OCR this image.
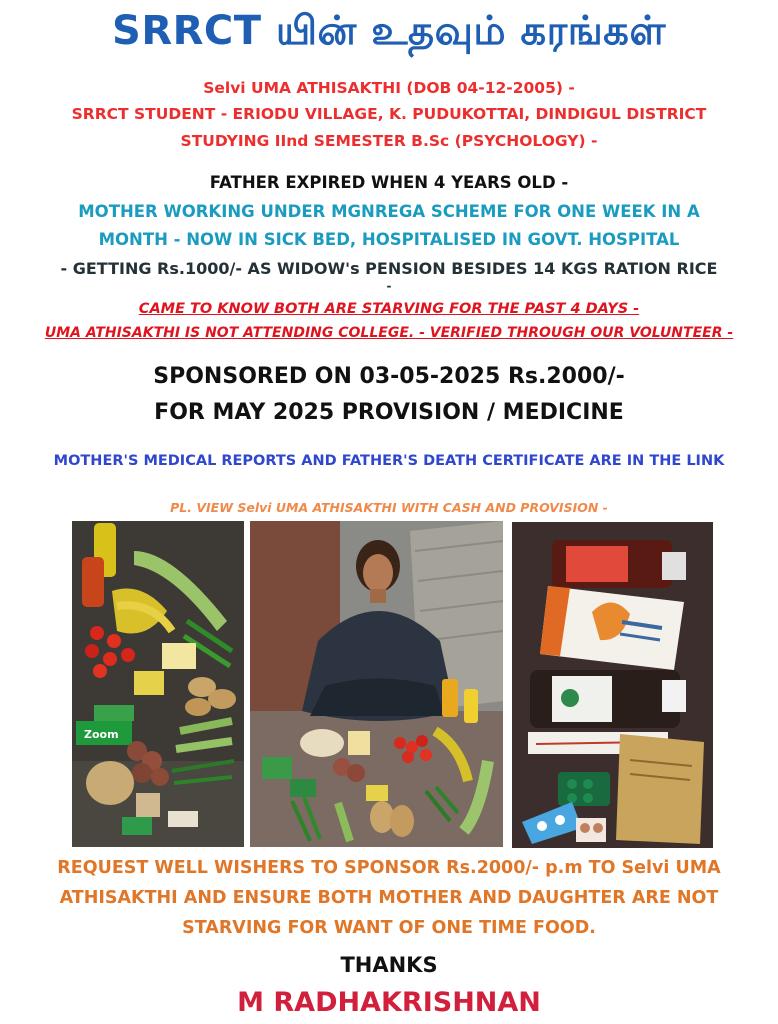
SRRCT யின் உதவும் கரங்கள்
Selvi UMA ATHISAKTHI (DOB 04-12-2005) -
SRRCT STUDENT - ERIODU VILLAGE, K. PUDUKOTTAI, DINDIGUL DISTRICT
STUDYING IInd SEMESTER B.Sc (PSYCHOLOGY) -
FATHER EXPIRED WHEN 4 YEARS OLD -
MOTHER WORKING UNDER MGNREGA SCHEME FOR ONE WEEK IN A
MONTH - NOW IN SICK BED, HOSPITALISED IN GOVT. HOSPITAL
- GETTING Rs.1000/- AS WIDOW's PENSION BESIDES 14 KGS RATION RICE
-
CAME TO KNOW BOTH ARE STARVING FOR THE PAST 4 DAYS -
UMA ATHISAKTHI IS NOT ATTENDING COLLEGE. - VERIFIED THROUGH OUR VOLUNTEER -
SPONSORED ON 03-05-2025 Rs.2000/-
FOR MAY 2025 PROVISION / MEDICINE
MOTHER'S MEDICAL REPORTS AND FATHER'S DEATH CERTIFICATE ARE IN THE LINK
PL. VIEW Selvi UMA ATHISAKTHI WITH CASH AND PROVISION -
Zoom
REQUEST WELL WISHERS TO SPONSOR Rs.2000/- p.m TO Selvi UMA
ATHISAKTHI AND ENSURE BOTH MOTHER AND DAUGHTER ARE NOT
STARVING FOR WANT OF ONE TIME FOOD.
THANKS
M RADHAKRISHNAN
